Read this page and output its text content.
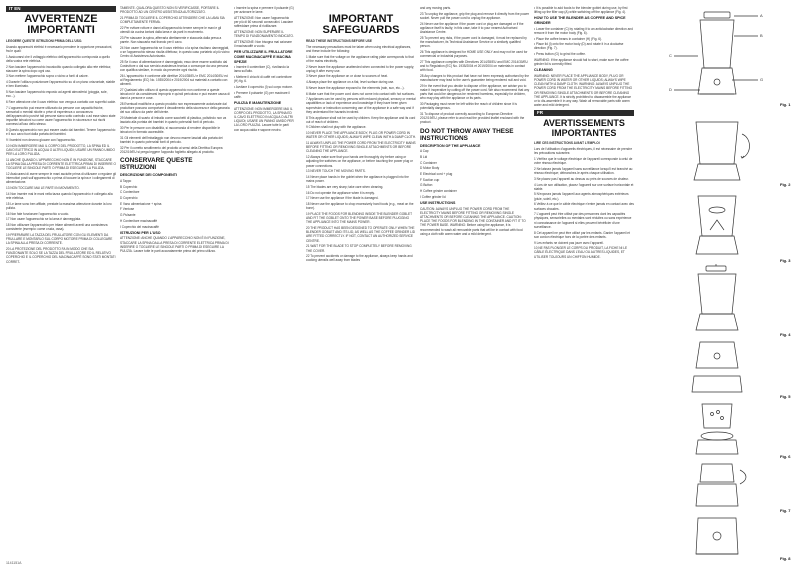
IT EN
AVVERTENZE IMPORTANTI

LEGGERE QUESTE ISTRUZIONI PRIMA DELL'USO.

Usando apparecchi elettrici è necessario prendere le opportune precauzioni, fra le quali:

1 Assicurarsi che il voltaggio elettrico dell'apparecchio corrisponda a quello della vostra rete elettrica.

2 Non lasciare l'apparecchio incustodito quando collegato alla rete elettrica; staccare la spina dopo ogni uso.

3 Non mettere l'apparecchio sopra o vicino a fonti di calore.

4 Durante l'utilizzo posizionare l'apparecchio su di un piano orizzontale, stabile e ben illuminato.

5 Non lasciare l'apparecchio esposto ad agenti atmosferici (pioggia, sole, ecc...).

6 Fare attenzione che il cavo elettrico non venga a contatto con superfici calde.

7 L'apparecchio può essere utilizzato da persone con capacità fisiche, sensoriali o mentali ridotte o prive di esperienza o conoscenza dell'apparecchio purché tali persone siano sotto controllo o ad esse siano state impartite istruzioni su come usare l'apparecchio in sicurezza e sui rischi connessi all'uso dello stesso.

8 Questo apparecchio non può essere usato dai bambini. Tenere l'apparecchio e il suo cavo fuori dalla portata dei bambini.

9 I bambini non devono giocare con l'apparecchio.

10 NON IMMERGERE MAI IL CORPO DEL PRODOTTO, LA SPINA ED IL CAVO ELETTRICO IN ACQUA O ALTRI LIQUIDI; USARE UN PANNO UMIDO PER LA LORO PULIZIA.

11 ANCHE QUANDO L'APPARECCHIO NON È IN FUNZIONE, STACCARE LA SPINA DALLA PRESA DI CORRENTE ELETTRICA PRIMA DI INSERIRE O TOGLIERE LE SINGOLE PARTI O PRIMA DI ESEGUIRE LA PULIZIA.

12 Assicurarsi di avere sempre le mani asciutte prima di utilizzare o regolare gli interruttori posti sull'apparecchio o prima di toccare la spina e i collegamenti di alimentazione.

13 NON TOCCARE MAI LE PARTI IN MOVIMENTO.

14 Non inserire mai le mani nella tazza quando l'apparecchio è collegato alla rete elettrica.

15 Le lame sono ben affilate, prestate la massima attenzione durante la loro pulizia.

16 Non fate funzionare l'apparecchio a vuoto.

17 Non usare l'apparecchio se la lama è danneggiata.

18 Non utilizzare l'apparecchio per tritare alimenti aventi una consistenza consistente (esempio: carne cruda, ossa).

19 PREPARARE LA TAZZA DEL FRULLATORE CON GLI ELEMENTI DA FRULLARE E MONTARLO SUL CORPO MOTORE PRIMA DI COLLEGARE LA SPINA ALLA PRESA DI CORRENTE.

20 LA PROTEZIONE DEL PRODOTTO FA IN MODO CHE SIA FUNZIONANTE SOLO SE LA TAZZA DEL FRULLATORE ED IL RELATIVO COPERCHIO E IL COPERCHIO DEL MACINACAFFÈ SONO STATI MONTATI CORRET-

TAMENTE. QUALORA QUESTO NON SI VERIFICASSE, PORTARE IL PRODOTTO AD UN CENTRO ASSISTENZA AUTORIZZATO.

21 PRIMA DI TOGLIERE IL COPERCHIO ATTENDERE CHE LA LAMA SIA COMPLETAMENTE FERMA.

22 Per evitare rotture e danni all'apparecchio tenere sempre le mani e gli utensili da cucina lontani dalla lama e da parti in movimento.

23 Per staccare la spina, afferrarla direttamente e staccarla dalla presa a parete. Non staccarla mai tirando per il cavo.

24 Non usare l'apparecchio se il cavo elettrico o la spina risultano danneggiati, o se l'apparecchio stesso risulta difettoso; in questo caso portatelo al più vicino Centro di Assistenza Autorizzato.

25 Se il cavo di alimentazione è danneggiato, esso deve essere sostituito dal Costruttore o dal suo servizio assistenza tecnica o comunque da una persona con qualifica similare, in modo da prevenire ogni rischio.

26 L'apparecchio è conforme alle direttive 2014/35/EU e EMC 2014/30/EU ed al Regolamento (EC) No. 1935/2004 e 2019/2004 sui materiali a contatto con alimenti.

27 Qualsiasi altro utilizzo di questo apparecchio non conforme a queste istruzioni è da considerarsi improprio e quindi pericoloso e può essere causa di danni a persone e cose.

28 Eventuali modifiche a questo prodotto non espressamente autorizzate dal produttore possono comportare il decadimento della sicurezza e della garanzia del suo utilizzo da parte dell'utente.

29 Materiale di scarto di imballo come sacchetti di plastica, polistirolo non va lasciato alla portata dei bambini in quanto potenziali fonti di pericolo.

30 Per le persone con disabilità, si raccomanda di rendere disponibile le istruzioni in formato accessibile.

31 Gli elementi dell'imballaggio non devono essere lasciati alla portata dei bambini in quanto potenziali fonti di pericolo.

32 Per il corretto smaltimento del prodotto ai sensi della Direttiva Europea 2012/19/EU si prega leggere l'apposito foglietto allegato al prodotto.

CONSERVARE QUESTE ISTRUZIONI
DESCRIZIONE DEI COMPONENTI

A Tappo

B Coperchio

C Contenitore

D Coperchio

E Vano alimentazione + spina

F Ventose

G Pulsante

H Contenitore macinacaffè

I Coperchio del macinacaffè

ISTRUZIONI PER L'USO

ATTENZIONE: ANCHE QUANDO L'APPARECCHIO NON È IN FUNZIONE, STACCARE LA SPINA DALLA PRESA DI CORRENTE ELETTRICA PRIMA DI INSERIRE O TOGLIERE LE SINGOLE PARTI O PRIMA DI ESEGUIRE LA PULIZIA. Lavare tutte le parti accuratamente prima del primo utilizzo.

• Inserire la spina e premere il pulsante (G) per azionare le lame.

ATTENZIONE: Non usare l'apparecchio per più di 60 secondi consecutivi. Lasciare raffreddare prima di riutilizzare.

ATTENZIONE: NON SUPERARE IL TEMPO DI FUNZIONAMENTO INDICATO.

ATTENZIONE: Non bisogna mai azionare il macinacaffè a vuoto.

PER UTILIZZARE IL FRULLATORE COME MACINACAFFÈ E MACINA SPEZIE

• Inserire il contenitore (C), rivoltando la lama sull'alto.

• Mettere il chicchi di caffè nel contenitore (H) fig. 6.

• Avvitare il coperchio (I) sul corpo motore.

• Premere il pulsante (G) per macinare il caffè.

PULIZIA E MANUTENZIONE

ATTENZIONE: NON IMMERGERE MAI IL CORPO DEL PRODOTTO, LA SPINA ED IL CAVO ELETTRICO IN ACQUA O ALTRI LIQUIDI; USARE UN PANNO UMIDO PER LA LORO PULIZIA. Lavare tutte le parti con acqua calda e sapone neutro.

IMPORTANT SAFEGUARDS

READ THESE INSTRUCTIONS BEFORE USE

The necessary precautions must be taken when using electrical appliances, and these include the following:

1 Make sure that the voltage on the appliance rating plate corresponds to that of the mains electricity.

2 Never leave the appliance unattended when connected to the power supply; unplug it after every use.

3 Never place the appliance on or close to sources of heat.

4 Always place the appliance on a flat, level surface during use.

5 Never leave the appliance exposed to the elements (rain, sun, etc...).

6 Make sure that the power cord does not come into contact with hot surfaces.

7 Appliances can be used by persons with reduced physical, sensory or mental capabilities or lack of experience and knowledge if they have been given supervision or instruction concerning use of the appliance in a safe way and if they understand the hazards involved.

8 This appliance shall not be used by children. Keep the appliance and its cord out of reach of children.

9 Children shall not play with the appliance.

10 NEVER PLACE THE APPLIANCE BODY, PLUG OR POWER CORD IN WATER OR OTHER LIQUIDS; ALWAYS WIPE CLEAN WITH A DAMP CLOTH.

11 ALWAYS UNPLUG THE POWER CORD FROM THE ELECTRICITY MAINS BEFORE FITTING OR REMOVING SINGLE ATTACHMENTS OR BEFORE CLEANING THE APPLIANCE.

12 Always make sure that your hands are thoroughly dry before using or adjusting the switches on the appliance, or before touching the power plug or power connections.

13 NEVER TOUCH THE MOVING PARTS.

14 Never place hands in the goblet when the appliance is plugged into the mains power.

15 The blades are very sharp; take care when cleaning.

16 Do not operate the appliance when it is empty.

17 Never use the appliance if the blade is damaged.

18 Never use the appliance to chop excessively hard foods (e.g., meat on the bone).

19 PLACE THE FOODS FOR BLENDING INSIDE THE BLENDER GOBLET AND FIT THE GOBLET ONTO THE POWER BASE BEFORE PLUGGING THE APPLIANCE INTO THE MAINS POWER.

20 THE PRODUCT HAS BEEN DESIGNED TO OPERATE ONLY WHEN THE BLENDER GOBLET AND ITS LID, AS WELL AS THE COFFEE GRINDER LID ARE FITTED CORRECTLY. IF NOT, CONTACT AN AUTHORIZED SERVICE CENTRE.

21 WAIT FOR THE BLADE TO STOP COMPLETELY BEFORE REMOVING THE COVER.

22 To prevent accidents or damage to the appliance, always keep hands and cooking utensils well away from blades

and any moving parts.

23 To unplug the appliance, grip the plug and remove it directly from the power socket. Never pull the power cord to unplug the appliance.

24 Never use the appliance if the power cord or plug are damaged or if the appliance itself is faulty; in this case, take it to your nearest Authorised Assistance Centre.

25 To prevent any risks, if the power cord is damaged, it must be replaced by the manufacturer, its Technical Assistance Service or a similarly qualified person.

26 This appliance is designed for HOME USE ONLY and may not be used for commercial or industrial purposes.

27 This appliance complies with Directives 2014/35/EU and EMC 2014/30/EU and to Regulation (EC) No. 1935/2004 et 2019/2004 on materials in contact with food.

28 Any changes to this product that have not been expressly authorised by the manufacturer may lead to the user's guarantee being rendered null and void.

29 In the event that you decide to dispose of the appliance, we advise you to make it inoperative by cutting off the power cord. We also recommend that any parts that could be dangerous be rendered harmless, especially for children, who may play with the appliance or its parts.

30 Packaging must never be left within the reach of children since it is potentially dangerous.

31 To dispose of product correctly according to European Directive 2012/19/EU, please refer to and read the provided leaflet enclosed with the product.

DO NOT THROW AWAY THESE INSTRUCTIONS
DESCRIPTION OF THE APPLIANCE

A Cap

B Lid

C Container

D Motor Body

E Electrical cord + plug

F Suction cup

G Button

H Coffee grinder container

I Coffee grinder lid

USE INSTRUCTIONS

CAUTION: ALWAYS UNPLUG THE POWER CORD FROM THE ELECTRICITY MAINS BEFORE FITTING OR REMOVING SINGLE ATTACHMENTS OR BEFORE CLEANING THE APPLIANCE. CAUTION: PLACE THE FOODS FOR BLENDING IN THE CONTAINER AND FIT IT TO THE POWER BASE. WARNING: Before using the appliance, it is recommended to wash all removable parts that will be in contact with food using a cloth with warm water and a mild detergent.

• It is possible to add foods to the blender goblet during use, by first lifting up the filler cap (A) while switching off the appliance (Fig. 4).

HOW TO USE THE BLENDER AS COFFEE AND SPICE GRINDER

• Lower the container (C) by rotating it to an anticlockwise direction and remove it from the motor body (Fig. 6).

• Place the coffee beans in container (H) (Fig. 6).

• Place lid (I) onto the motor body (D) and rotate it in a clockwise direction (Fig. 7).

• Press button (G) to grind the coffee.

WARNING: If the appliance should fail to start, make sure the coffee grinder lid is correctly fitted.

CLEANING

WARNING: NEVER PLACE THE APPLIANCE BODY, PLUG OR POWER CORD IN WATER OR OTHER LIQUIDS; ALWAYS WIPE CLEAN WITH A DAMP CLOTH. WARNING: ALWAYS UNPLUG THE POWER CORD FROM THE ELECTRICITY MAINS BEFORE FITTING OR REMOVING SINGLE ATTACHMENTS OR BEFORE CLEANING THE APPLIANCE. It is strictly prohibited to disassemble the appliance or to dis-assemble it in any way. Wash all removable parts with warm water and mild detergent.

FR
AVERTISSEMENTS IMPORTANTES

LIRE CES INSTRUCTIONS AVANT L'EMPLOI

Lors de l'utilisation d'appareils électriques, il est nécessaire de prendre les précautions suivantes:

1 Vérifiez que le voltage électrique de l'appareil corresponde à celui de votre réseau électrique.

2 Ne laissez jamais l'appareil sans surveillance lorsqu'il est branché au réseau électrique; débranchez-le après chaque utilisation.

3 Ne placez pas l'appareil au dessus ou près de sources de chaleur.

4 Lors de son utilisation, placez l'appareil sur une surface horizontale et stable.

5 N'exposez jamais l'appareil aux agents atmosphériques extérieurs (pluie, soleil, etc.).

6 Veillez à ce que le câble électrique n'entre jamais en contact avec des surfaces chaudes.

7 L'appareil peut être utilisé par des personnes dont les capacités physiques, sensorielles ou mentales sont réduites ou sans expérience ni connaissance de l'appareil si elles peuvent bénéficier d'une surveillance.

8 Cet appareil ne peut être utilisé par les enfants. Garder l'appareil et son cordon électrique hors de la portée des enfants.

9 Les enfants ne doivent pas jouer avec l'appareil.

10 NE PAS PLONGER LE CORPS DU PRODUIT, LA FICHE NI LE CÂBLE ÉLECTRIQUE DANS L'EAU OU AUTRES LIQUIDES, ET UTILISER TOUJOURS UN CHIFFON HUMIDE.

A
B
G
C
D
Fig. 1
Fig. 2
Fig. 3
Fig. 4
Fig. 5
Fig. 6
Fig. 7
Fig. 8
1141151A
